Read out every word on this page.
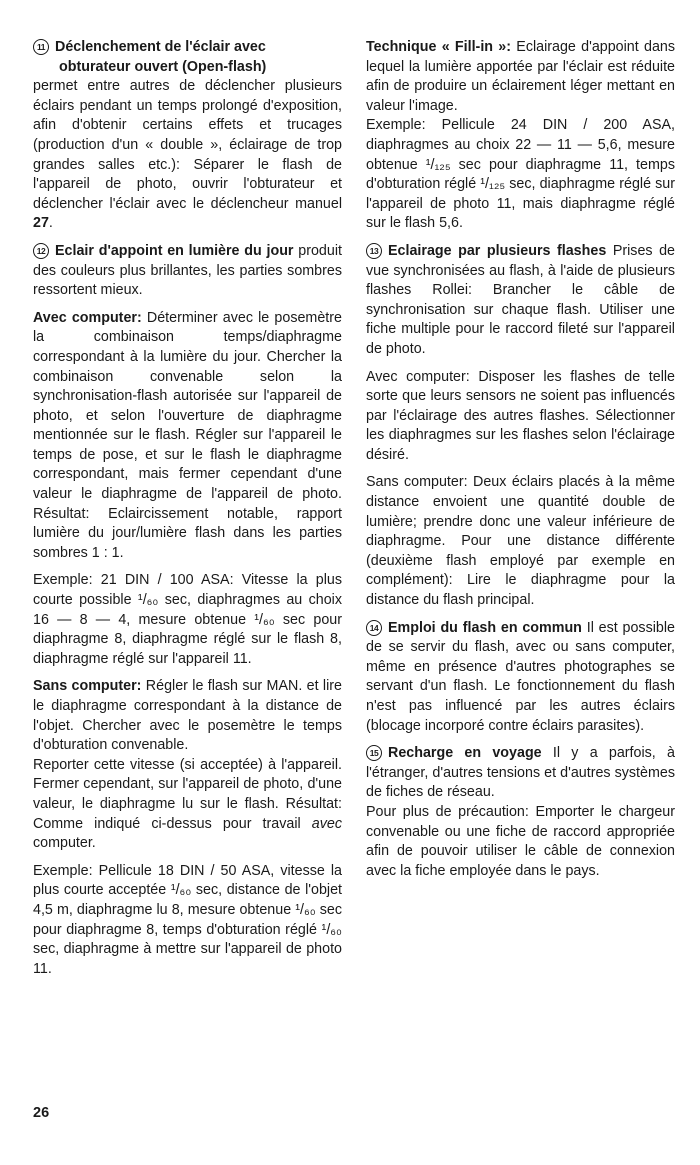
11 Déclenchement de l'éclair avec
obturateur ouvert (Open-flash)

permet entre autres de déclencher plusieurs éclairs pendant un temps prolongé d'exposition, afin d'obtenir certains effets et trucages (production d'un « double », éclairage de trop grandes salles etc.): Séparer le flash de l'appareil de photo, ouvrir l'obturateur et déclencher l'éclair avec le déclencheur manuel 27.

12 Eclair d'appoint en lumière du jour produit des couleurs plus brillantes, les parties sombres ressortent mieux.

Avec computer: Déterminer avec le posemètre la combinaison temps/diaphragme correspondant à la lumière du jour. Chercher la combinaison convenable selon la synchronisation-flash autorisée sur l'appareil de photo, et selon l'ouverture de diaphragme mentionnée sur le flash. Régler sur l'appareil le temps de pose, et sur le flash le diaphragme correspondant, mais fermer cependant d'une valeur le diaphragme de l'appareil de photo. Résultat: Eclaircissement notable, rapport lumière du jour/lumière flash dans les parties sombres 1 : 1.

Exemple: 21 DIN / 100 ASA: Vitesse la plus courte possible ¹/₆₀ sec, diaphragmes au choix 16 — 8 — 4, mesure obtenue ¹/₆₀ sec pour diaphragme 8, diaphragme réglé sur le flash 8, diaphragme réglé sur l'appareil 11.

Sans computer: Régler le flash sur MAN. et lire le diaphragme correspondant à la distance de l'objet. Chercher avec le posemètre le temps d'obturation convenable.

Reporter cette vitesse (si acceptée) à l'appareil. Fermer cependant, sur l'appareil de photo, d'une valeur, le diaphragme lu sur le flash. Résultat: Comme indiqué ci-dessus pour travail avec computer.

Exemple: Pellicule 18 DIN / 50 ASA, vitesse la plus courte acceptée ¹/₆₀ sec, distance de l'objet 4,5 m, diaphragme lu 8, mesure obtenue ¹/₆₀ sec pour diaphragme 8, temps d'obturation réglé ¹/₆₀ sec, diaphragme à mettre sur l'appareil de photo 11.

Technique « Fill-in »: Eclairage d'appoint dans lequel la lumière apportée par l'éclair est réduite afin de produire un éclairement léger mettant en valeur l'image.

Exemple: Pellicule 24 DIN / 200 ASA, diaphragmes au choix 22 — 11 — 5,6, mesure obtenue ¹/₁₂₅ sec pour diaphragme 11, temps d'obturation réglé ¹/₁₂₅ sec, diaphragme réglé sur l'appareil de photo 11, mais diaphragme réglé sur le flash 5,6.

13 Eclairage par plusieurs flashes Prises de vue synchronisées au flash, à l'aide de plusieurs flashes Rollei: Brancher le câble de synchronisation sur chaque flash. Utiliser une fiche multiple pour le raccord fileté sur l'appareil de photo.

Avec computer: Disposer les flashes de telle sorte que leurs sensors ne soient pas influencés par l'éclairage des autres flashes. Sélectionner les diaphragmes sur les flashes selon l'éclairage désiré.

Sans computer: Deux éclairs placés à la même distance envoient une quantité double de lumière; prendre donc une valeur inférieure de diaphragme. Pour une distance différente (deuxième flash employé par exemple en complément): Lire le diaphragme pour la distance du flash principal.

14 Emploi du flash en commun Il est possible de se servir du flash, avec ou sans computer, même en présence d'autres photographes se servant d'un flash. Le fonctionnement du flash n'est pas influencé par les autres éclairs (blocage incorporé contre éclairs parasites).

15 Recharge en voyage Il y a parfois, à l'étranger, d'autres tensions et d'autres systèmes de fiches de réseau.

Pour plus de précaution: Emporter le chargeur convenable ou une fiche de raccord appropriée afin de pouvoir utiliser le câble de connexion avec la fiche employée dans le pays.

26
